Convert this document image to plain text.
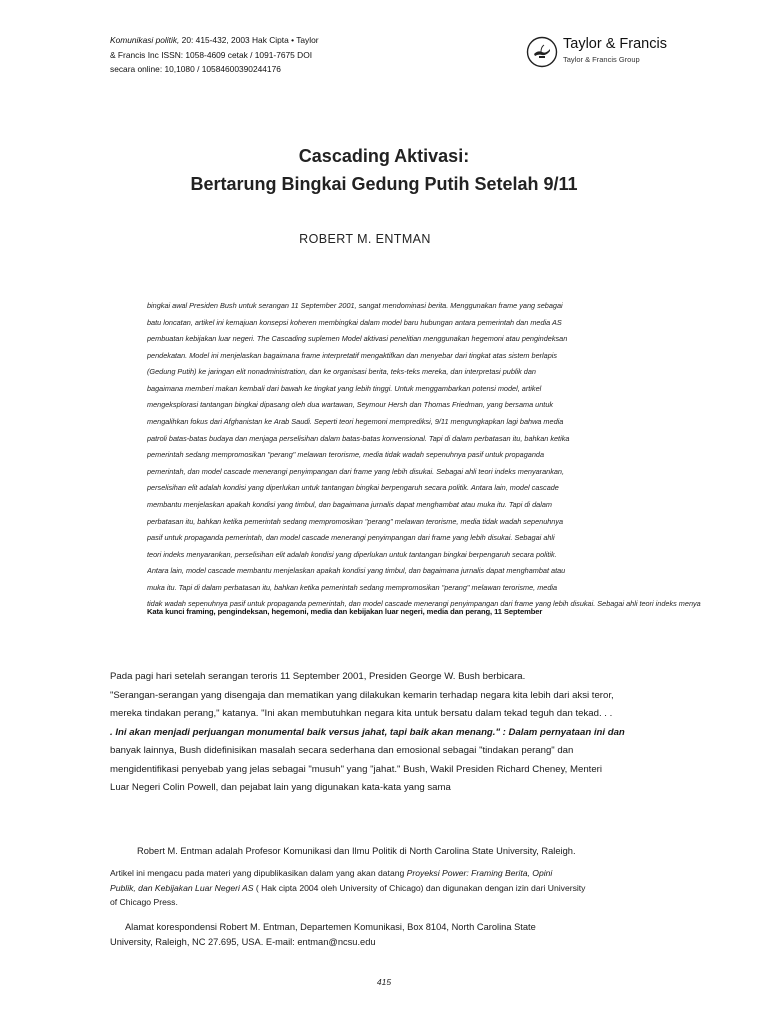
Komunikasi politik, 20: 415-432, 2003 Hak Cipta • Taylor
& Francis Inc ISSN: 1058-4609 cetak / 1091-7675 DOI
secara online: 10,1080 / 10584600390244176
Taylor & Francis
Taylor & Francis Group
Cascading Aktivasi:
Bertarung Bingkai Gedung Putih Setelah 9/11
ROBERT M. ENTMAN
bingkai awal Presiden Bush untuk serangan 11 September 2001, sangat mendominasi berita. Menggunakan frame yang sebagai
batu loncatan, artikel ini kemajuan konsepsi koheren membingkai dalam model baru hubungan antara pemerintah dan media AS
pembuatan kebijakan luar negeri. The Cascading suplemen Model aktivasi penelitian menggunakan hegemoni atau pengindeksan
pendekatan. Model ini menjelaskan bagaimana frame interpretatif mengaktifkan dan menyebar dari tingkat atas sistem berlapis
(Gedung Putih) ke jaringan elit nonadministration, dan ke organisasi berita, teks-teks mereka, dan interpretasi publik dan
bagaimana memberi makan kembali dari bawah ke tingkat yang lebih tinggi. Untuk menggambarkan potensi model, artikel
mengeksplorasi tantangan bingkai dipasang oleh dua wartawan, Seymour Hersh dan Thomas Friedman, yang bersama untuk
mengalihkan fokus dari Afghanistan ke Arab Saudi. Seperti teori hegemoni memprediksi, 9/11 mengungkapkan lagi bahwa media
patroli batas-batas budaya dan menjaga perselisihan dalam batas-batas konvensional. Tapi di dalam perbatasan itu, bahkan ketika
pemerintah sedang mempromosikan "perang" melawan terorisme, media tidak wadah sepenuhnya pasif untuk propaganda
pemerintah, dan model cascade menerangi penyimpangan dari frame yang lebih disukai. Sebagai ahli teori indeks menyarankan,
perselisihan elit adalah kondisi yang diperlukan untuk tantangan bingkai berpengaruh secara politik. Antara lain, model cascade
membantu menjelaskan apakah kondisi yang timbul, dan bagaimana jurnalis dapat menghambat atau muka itu. Tapi di dalam
perbatasan itu, bahkan ketika pemerintah sedang mempromosikan "perang" melawan terorisme, media tidak wadah sepenuhnya
pasif untuk propaganda pemerintah, dan model cascade menerangi penyimpangan dari frame yang lebih disukai. Sebagai ahli
teori indeks menyarankan, perselisihan elit adalah kondisi yang diperlukan untuk tantangan bingkai berpengaruh secara politik.
Antara lain, model cascade membantu menjelaskan apakah kondisi yang timbul, dan bagaimana jurnalis dapat menghambat atau
muka itu. Tapi di dalam perbatasan itu, bahkan ketika pemerintah sedang mempromosikan "perang" melawan terorisme, media
tidak wadah sepenuhnya pasif untuk propaganda pemerintah, dan model cascade menerangi penyimpangan dari frame yang lebih disukai. Sebagai ahli teori indeks menya
Kata kunci framing, pengindeksan, hegemoni, media dan kebijakan luar negeri, media dan perang, 11 September
Pada pagi hari setelah serangan teroris 11 September 2001, Presiden George W. Bush berbicara.
"Serangan-serangan yang disengaja dan mematikan yang dilakukan kemarin terhadap negara kita lebih dari aksi teror,
mereka tindakan perang," katanya. "Ini akan membutuhkan negara kita untuk bersatu dalam tekad teguh dan tekad. . .
. Ini akan menjadi perjuangan monumental baik versus jahat, tapi baik akan menang." : Dalam pernyataan ini dan
banyak lainnya, Bush didefinisikan masalah secara sederhana dan emosional sebagai "tindakan perang" dan
mengidentifikasi penyebab yang jelas sebagai "musuh" yang "jahat." Bush, Wakil Presiden Richard Cheney, Menteri
Luar Negeri Colin Powell, dan pejabat lain yang digunakan kata-kata yang sama
Robert M. Entman adalah Profesor Komunikasi dan Ilmu Politik di North Carolina State University, Raleigh.
Artikel ini mengacu pada materi yang dipublikasikan dalam yang akan datang Proyeksi Power: Framing Berita, Opini
Publik, dan Kebijakan Luar Negeri AS ( Hak cipta 2004 oleh University of Chicago) dan digunakan dengan izin dari University
of Chicago Press.
Alamat korespondensi Robert M. Entman, Departemen Komunikasi, Box 8104, North Carolina State
University, Raleigh, NC 27.695, USA. E-mail: entman@ncsu.edu
415
